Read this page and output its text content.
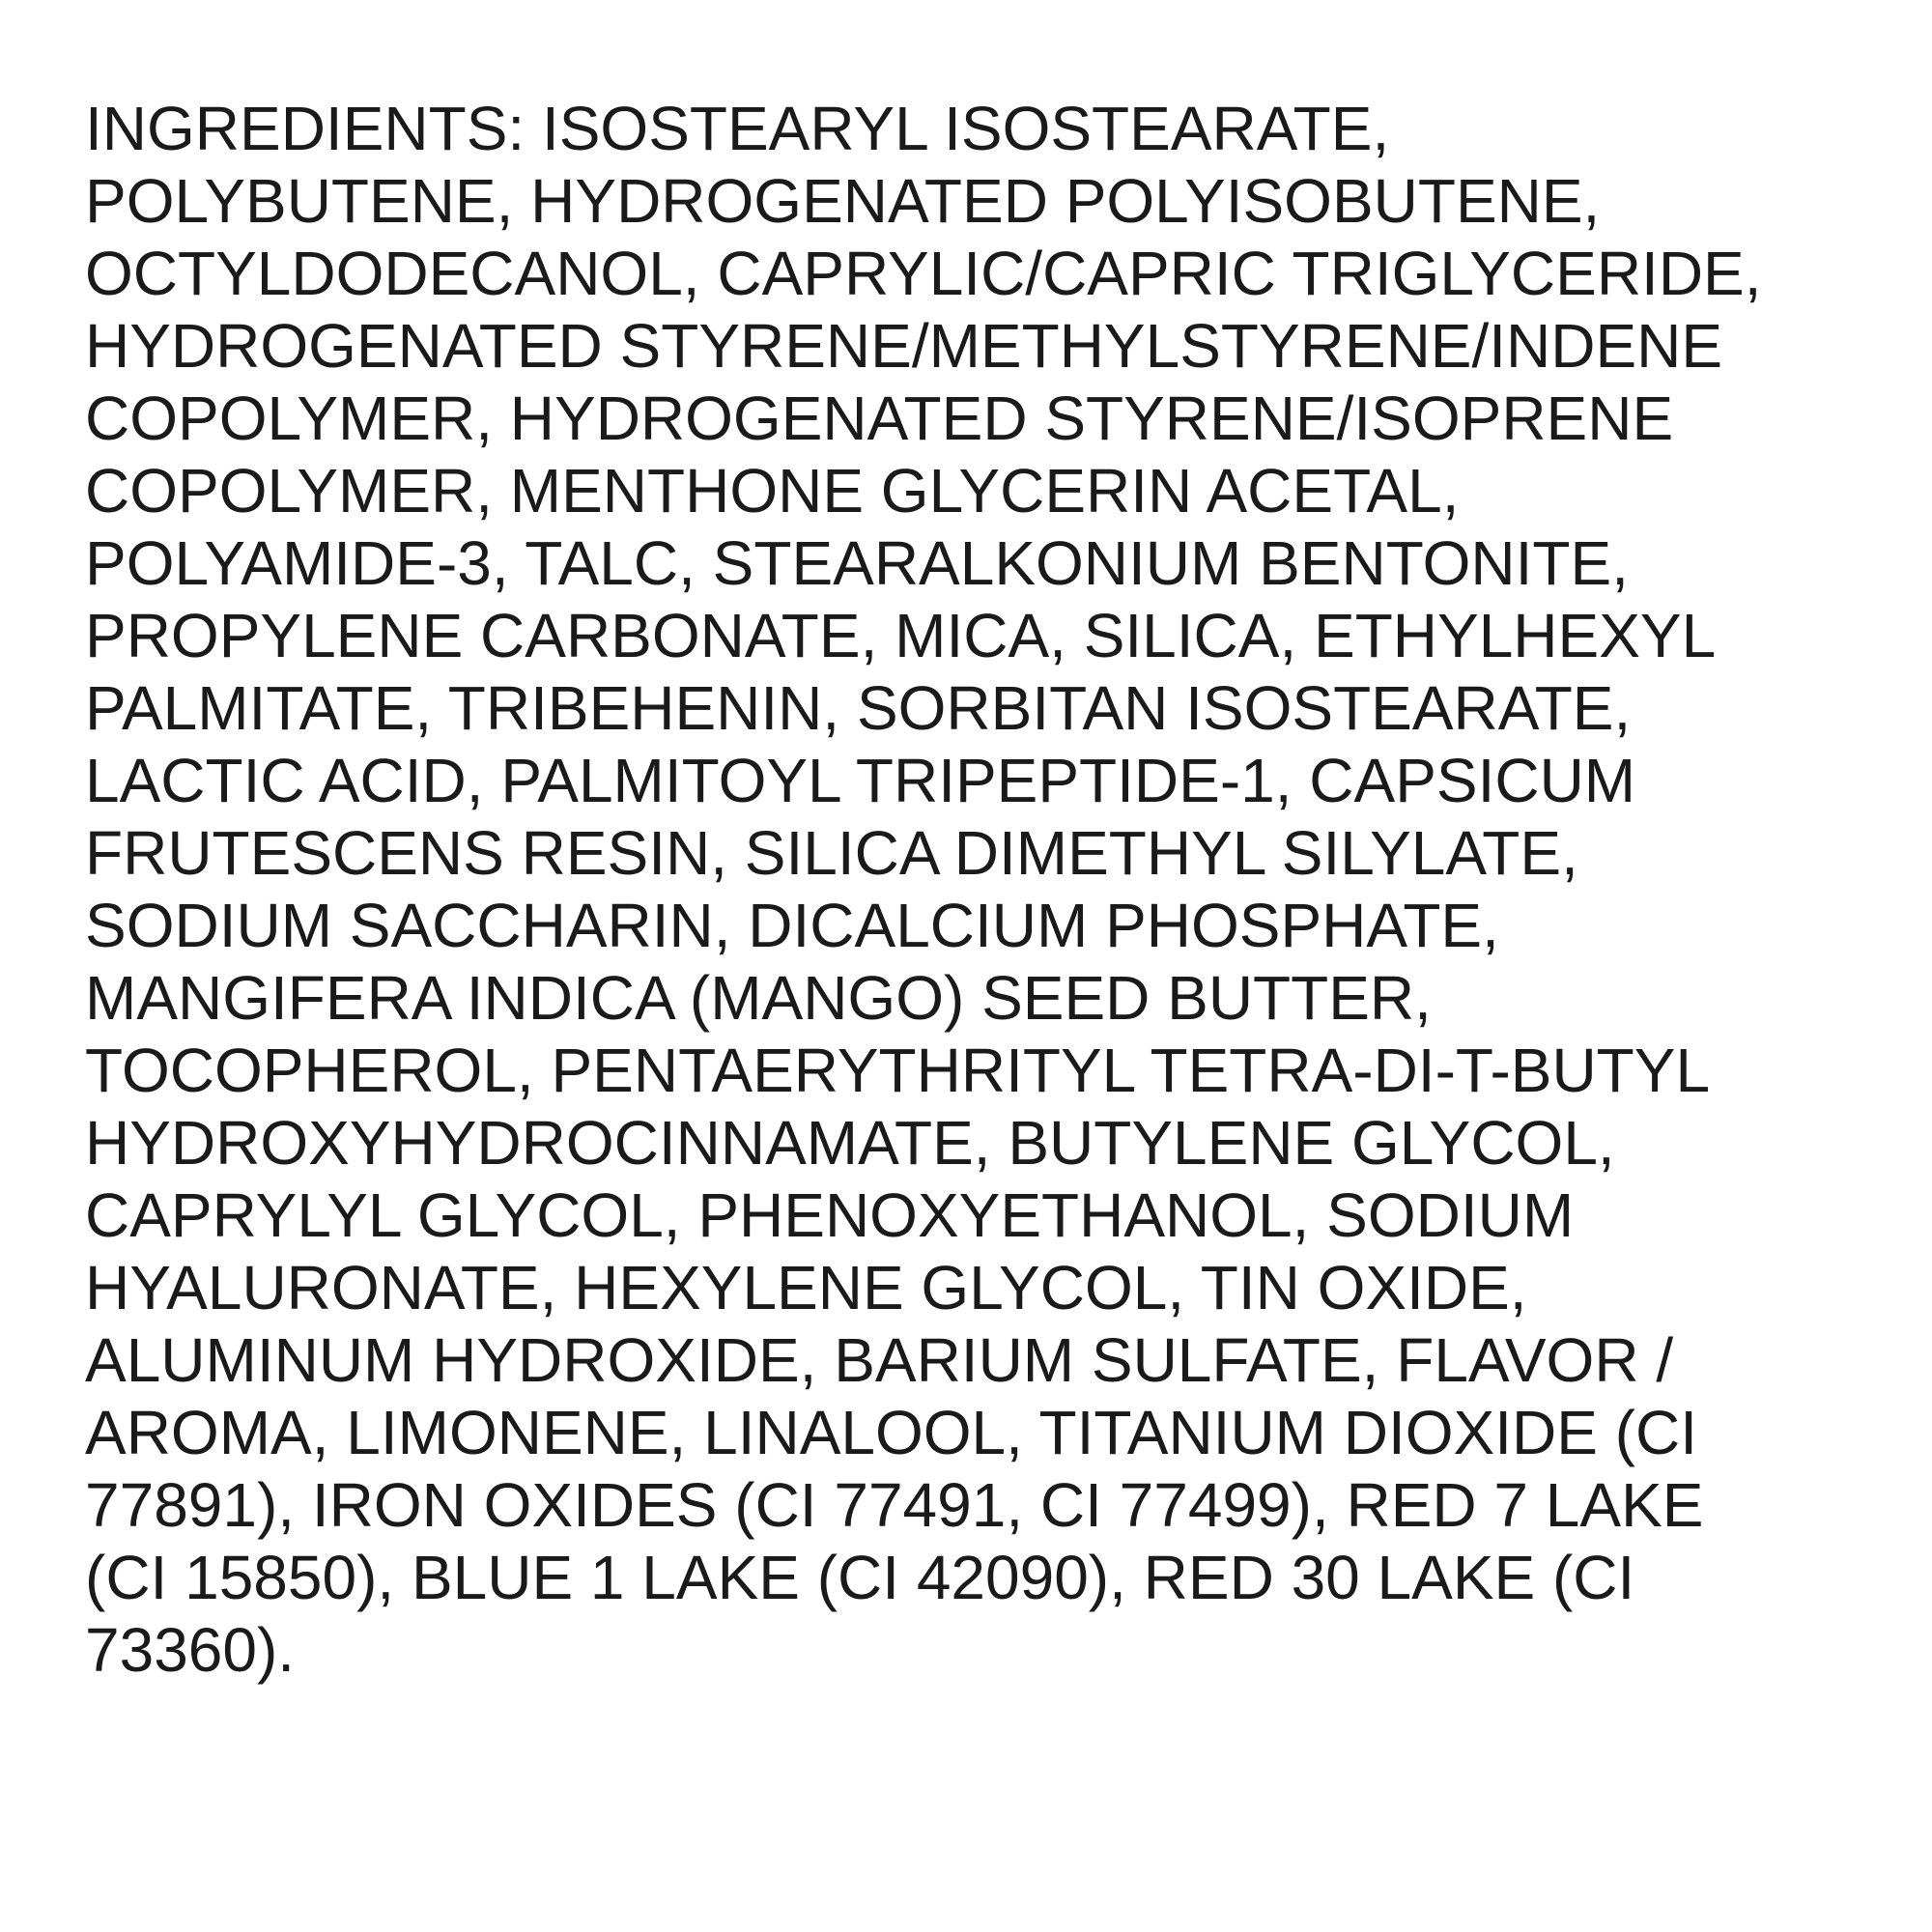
INGREDIENTS: ISOSTEARYL ISOSTEARATE,
POLYBUTENE, HYDROGENATED POLYISOBUTENE,
OCTYLDODECANOL, CAPRYLIC/CAPRIC TRIGLYCERIDE,
HYDROGENATED STYRENE/METHYLSTYRENE/INDENE
COPOLYMER, HYDROGENATED STYRENE/ISOPRENE
COPOLYMER, MENTHONE GLYCERIN ACETAL,
POLYAMIDE-3, TALC, STEARALKONIUM BENTONITE,
PROPYLENE CARBONATE, MICA, SILICA, ETHYLHEXYL
PALMITATE, TRIBEHENIN, SORBITAN ISOSTEARATE,
LACTIC ACID, PALMITOYL TRIPEPTIDE-1, CAPSICUM
FRUTESCENS RESIN, SILICA DIMETHYL SILYLATE,
SODIUM SACCHARIN, DICALCIUM PHOSPHATE,
MANGIFERA INDICA (MANGO) SEED BUTTER,
TOCOPHEROL, PENTAERYTHRITYL TETRA-DI-T-BUTYL
HYDROXYHYDROCINNAMATE, BUTYLENE GLYCOL,
CAPRYLYL GLYCOL, PHENOXYETHANOL, SODIUM
HYALURONATE, HEXYLENE GLYCOL, TIN OXIDE,
ALUMINUM HYDROXIDE, BARIUM SULFATE, FLAVOR /
AROMA, LIMONENE, LINALOOL, TITANIUM DIOXIDE (CI
77891), IRON OXIDES (CI 77491, CI 77499), RED 7 LAKE
(CI 15850), BLUE 1 LAKE (CI 42090), RED 30 LAKE (CI
73360).
